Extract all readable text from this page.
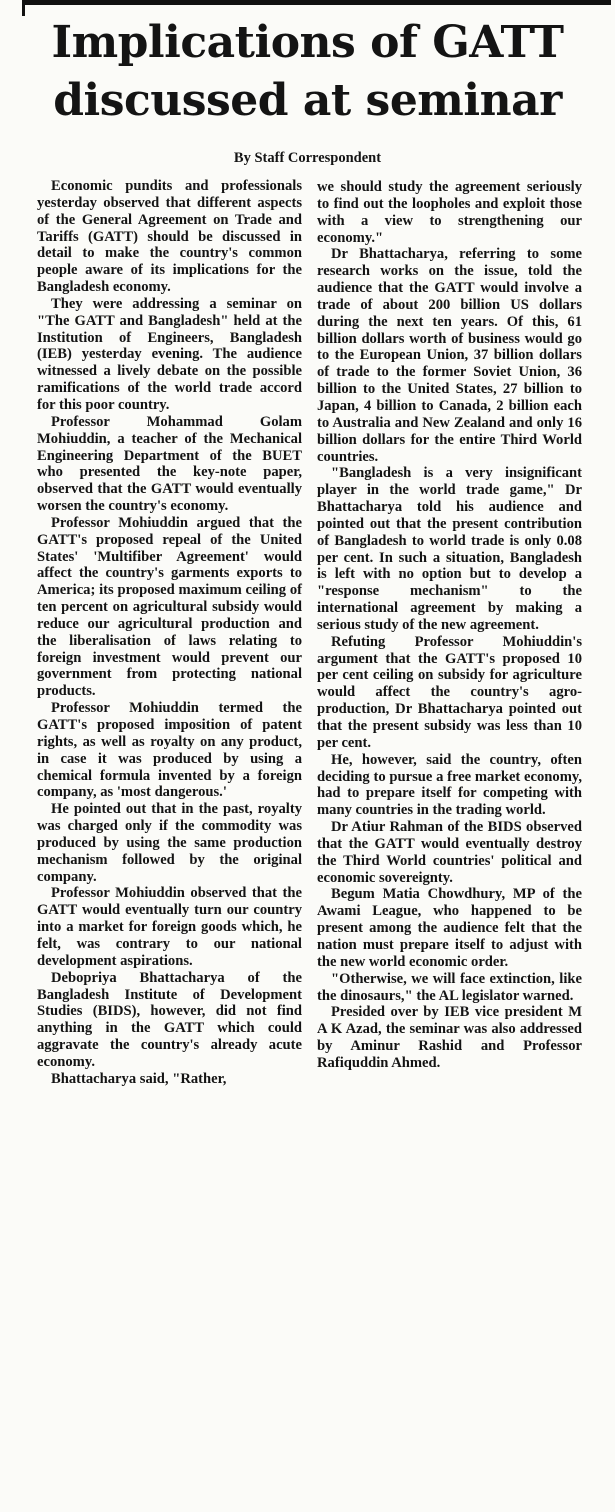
Implications of GATT
discussed at seminar

By Staff Correspondent

Economic pundits and professionals yesterday observed that different aspects of the General Agreement on Trade and Tariffs (GATT) should be discussed in detail to make the country's common people aware of its implications for the Bangladesh economy.

They were addressing a seminar on "The GATT and Bangladesh" held at the Institution of Engineers, Bangladesh (IEB) yesterday evening. The audience witnessed a lively debate on the possible ramifications of the world trade accord for this poor country.

Professor Mohammad Golam Mohiuddin, a teacher of the Mechanical Engineering Department of the BUET who presented the key-note paper, observed that the GATT would eventually worsen the country's economy.

Professor Mohiuddin argued that the GATT's proposed repeal of the United States' 'Multifiber Agreement' would affect the country's garments exports to America; its proposed maximum ceiling of ten percent on agricultural subsidy would reduce our agricultural production and the liberalisation of laws relating to foreign investment would prevent our government from protecting national products.

Professor Mohiuddin termed the GATT's proposed imposition of patent rights, as well as royalty on any product, in case it was produced by using a chemical formula invented by a foreign company, as 'most dangerous.'

He pointed out that in the past, royalty was charged only if the commodity was produced by using the same production mechanism followed by the original company.

Professor Mohiuddin observed that the GATT would eventually turn our country into a market for foreign goods which, he felt, was contrary to our national development aspirations.

Debopriya Bhattacharya of the Bangladesh Institute of Development Studies (BIDS), however, did not find anything in the GATT which could aggravate the country's already acute economy.

Bhattacharya said, "Rather,

we should study the agreement seriously to find out the loopholes and exploit those with a view to strengthening our economy."

Dr Bhattacharya, referring to some research works on the issue, told the audience that the GATT would involve a trade of about 200 billion US dollars during the next ten years. Of this, 61 billion dollars worth of business would go to the European Union, 37 billion dollars of trade to the former Soviet Union, 36 billion to the United States, 27 billion to Japan, 4 billion to Canada, 2 billion each to Australia and New Zealand and only 16 billion dollars for the entire Third World countries.

"Bangladesh is a very insignificant player in the world trade game," Dr Bhattacharya told his audience and pointed out that the present contribution of Bangladesh to world trade is only 0.08 per cent. In such a situation, Bangladesh is left with no option but to develop a "response mechanism" to the international agreement by making a serious study of the new agreement.

Refuting Professor Mohiuddin's argument that the GATT's proposed 10 per cent ceiling on subsidy for agriculture would affect the country's agro-production, Dr Bhattacharya pointed out that the present subsidy was less than 10 per cent.

He, however, said the country, often deciding to pursue a free market economy, had to prepare itself for competing with many countries in the trading world.

Dr Atiur Rahman of the BIDS observed that the GATT would eventually destroy the Third World countries' political and economic sovereignty.

Begum Matia Chowdhury, MP of the Awami League, who happened to be present among the audience felt that the nation must prepare itself to adjust with the new world economic order.

"Otherwise, we will face extinction, like the dinosaurs," the AL legislator warned.

Presided over by IEB vice president M A K Azad, the seminar was also addressed by Aminur Rashid and Professor Rafiquddin Ahmed.
